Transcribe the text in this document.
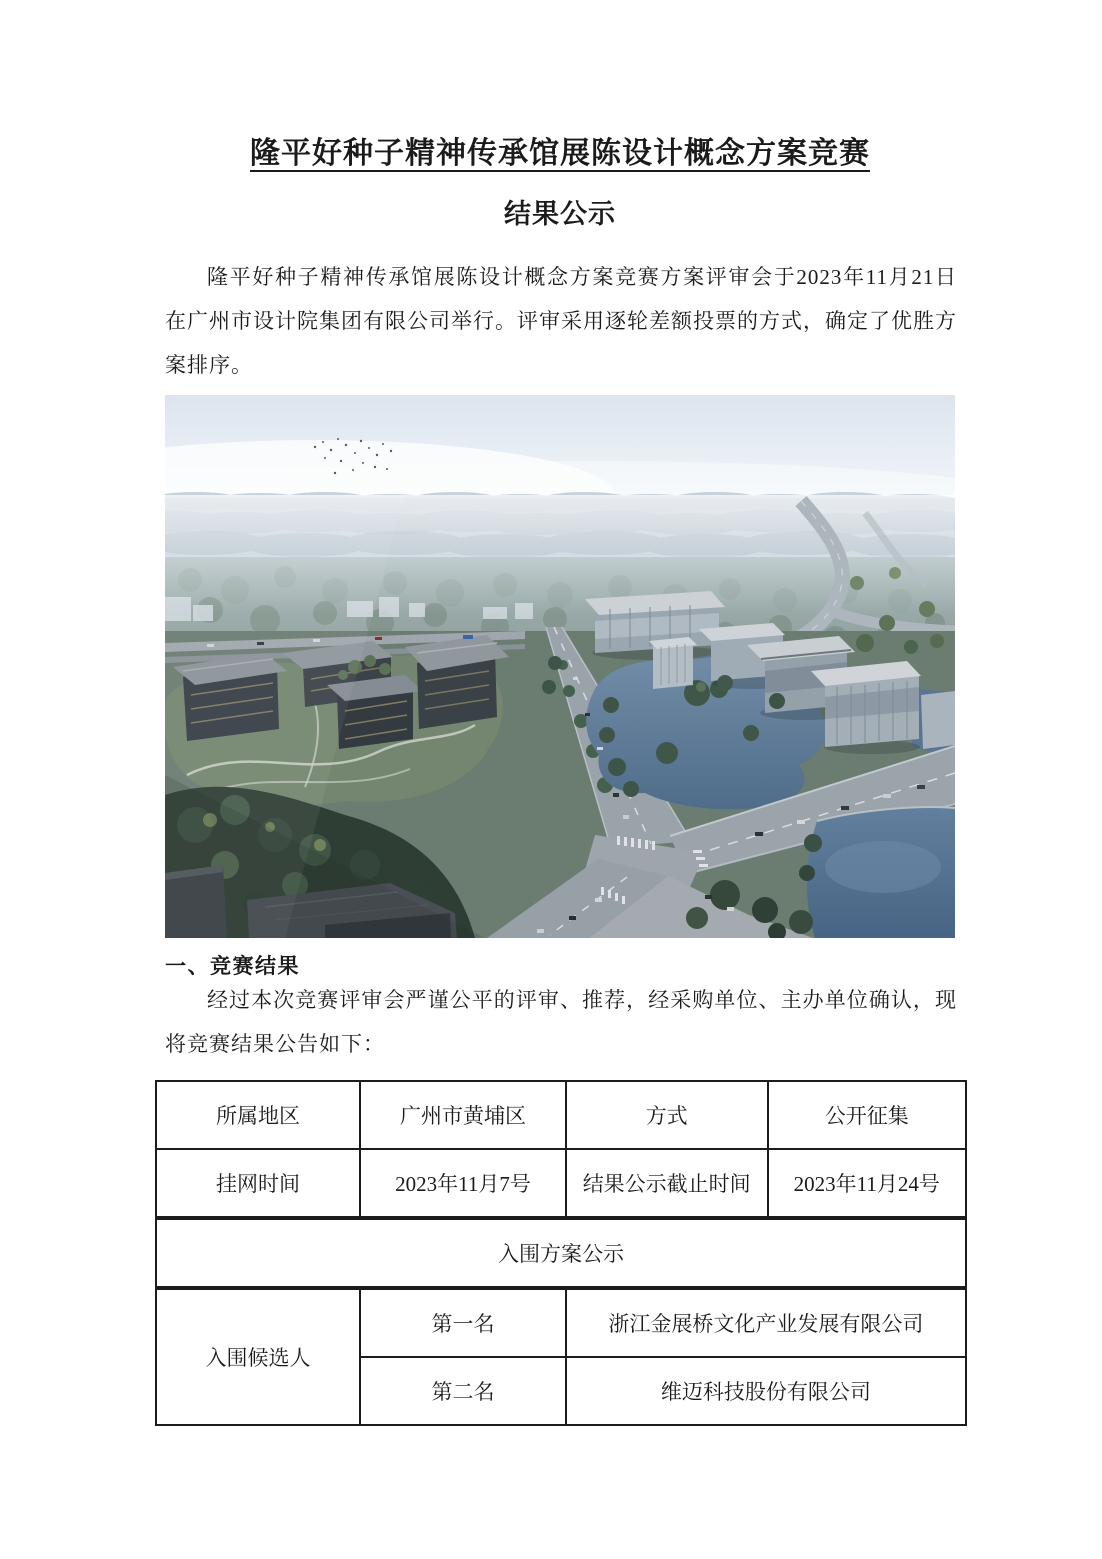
隆平好种子精神传承馆展陈设计概念方案竞赛
结果公示

隆平好种子精神传承馆展陈设计概念方案竞赛方案评审会于2023年11月21日在广州市设计院集团有限公司举行。评审采用逐轮差额投票的方式，确定了优胜方案排序。

一、竞赛结果

经过本次竞赛评审会严谨公平的评审、推荐，经采购单位、主办单位确认，现将竞赛结果公告如下：

所属地区	广州市黄埔区	方式	公开征集
挂网时间	2023年11月7号	结果公示截止时间	2023年11月24号
入围方案公示			
入围候选人	第一名	浙江金展桥文化产业发展有限公司	
	第二名	维迈科技股份有限公司	
